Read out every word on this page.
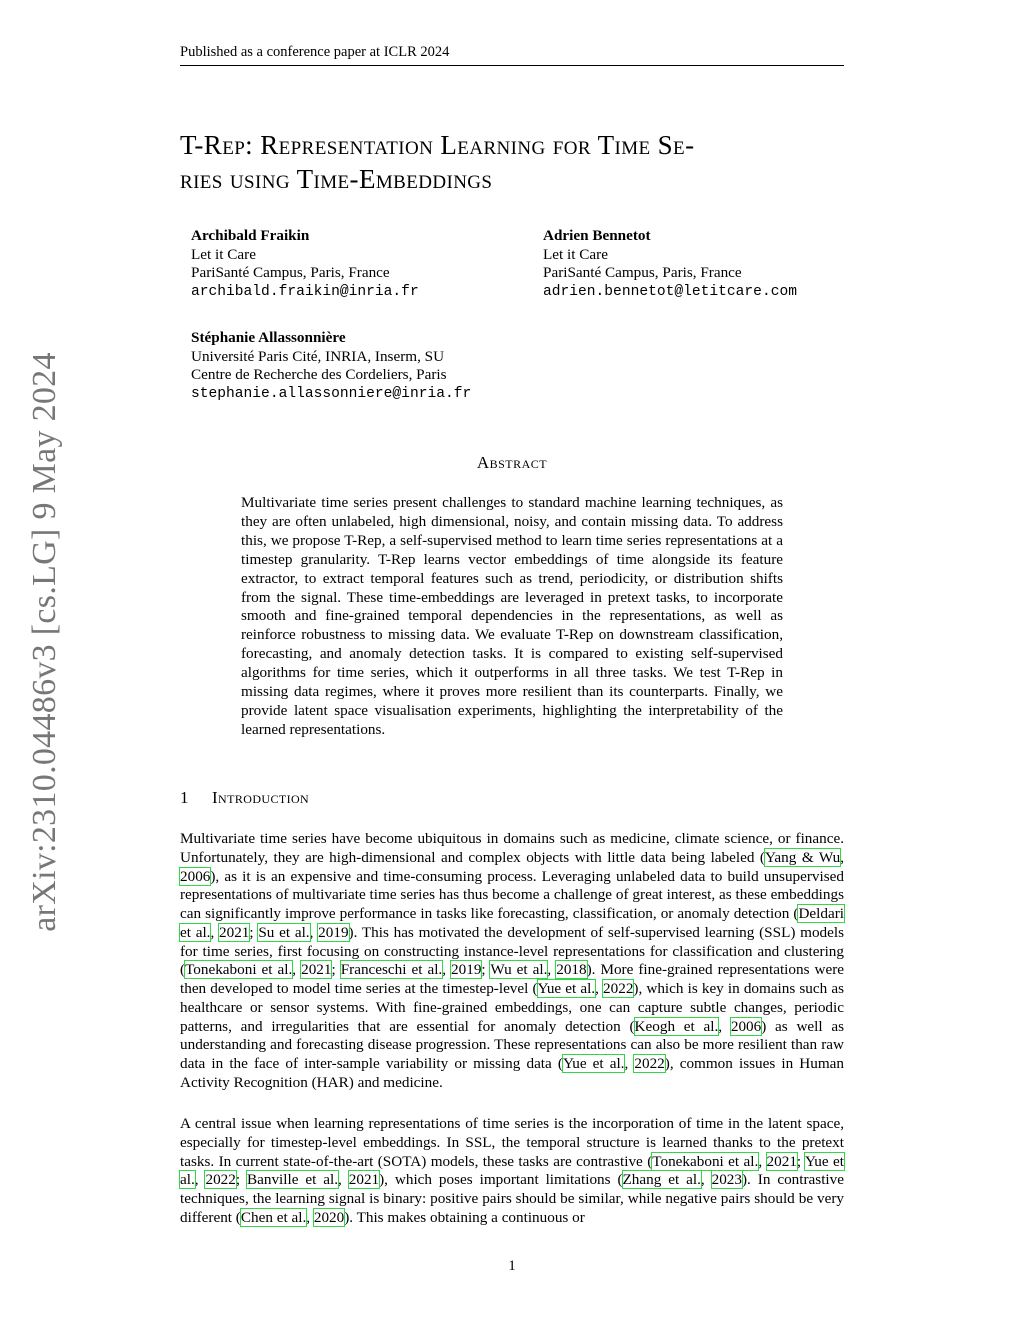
Published as a conference paper at ICLR 2024
arXiv:2310.04486v3 [cs.LG] 9 May 2024
T-Rep: Representation Learning for Time Se-
ries using Time-Embeddings
Archibald Fraikin
Let it Care
PariSanté Campus, Paris, France
archibald.fraikin@inria.fr
Adrien Bennetot
Let it Care
PariSanté Campus, Paris, France
adrien.bennetot@letitcare.com
Stéphanie Allassonnière
Université Paris Cité, INRIA, Inserm, SU
Centre de Recherche des Cordeliers, Paris
stephanie.allassonniere@inria.fr
Abstract
Multivariate time series present challenges to standard machine learning techniques, as they are often unlabeled, high dimensional, noisy, and contain missing data. To address this, we propose T-Rep, a self-supervised method to learn time series representations at a timestep granularity. T-Rep learns vector embeddings of time alongside its feature extractor, to extract temporal features such as trend, periodicity, or distribution shifts from the signal. These time-embeddings are leveraged in pretext tasks, to incorporate smooth and fine-grained temporal dependencies in the representations, as well as reinforce robustness to missing data. We evaluate T-Rep on downstream classification, forecasting, and anomaly detection tasks. It is compared to existing self-supervised algorithms for time series, which it outperforms in all three tasks. We test T-Rep in missing data regimes, where it proves more resilient than its counterparts. Finally, we provide latent space visualisation experiments, highlighting the interpretability of the learned representations.
1 Introduction

Multivariate time series have become ubiquitous in domains such as medicine, climate science, or finance. Unfortunately, they are high-dimensional and complex objects with little data being labeled (Yang & Wu, 2006), as it is an expensive and time-consuming process. Leveraging unlabeled data to build unsupervised representations of multivariate time series has thus become a challenge of great interest, as these embeddings can significantly improve performance in tasks like forecasting, classification, or anomaly detection (Deldari et al., 2021; Su et al., 2019). This has motivated the development of self-supervised learning (SSL) models for time series, first focusing on constructing instance-level representations for classification and clustering (Tonekaboni et al., 2021; Franceschi et al., 2019; Wu et al., 2018). More fine-grained representations were then developed to model time series at the timestep-level (Yue et al., 2022), which is key in domains such as healthcare or sensor systems. With fine-grained embeddings, one can capture subtle changes, periodic patterns, and irregularities that are essential for anomaly detection (Keogh et al., 2006) as well as understanding and forecasting disease progression. These representations can also be more resilient than raw data in the face of inter-sample variability or missing data (Yue et al., 2022), common issues in Human Activity Recognition (HAR) and medicine.

A central issue when learning representations of time series is the incorporation of time in the latent space, especially for timestep-level embeddings. In SSL, the temporal structure is learned thanks to the pretext tasks. In current state-of-the-art (SOTA) models, these tasks are contrastive (Tonekaboni et al., 2021; Yue et al., 2022; Banville et al., 2021), which poses important limitations (Zhang et al., 2023). In contrastive techniques, the learning signal is binary: positive pairs should be similar, while negative pairs should be very different (Chen et al., 2020). This makes obtaining a continuous or

1
